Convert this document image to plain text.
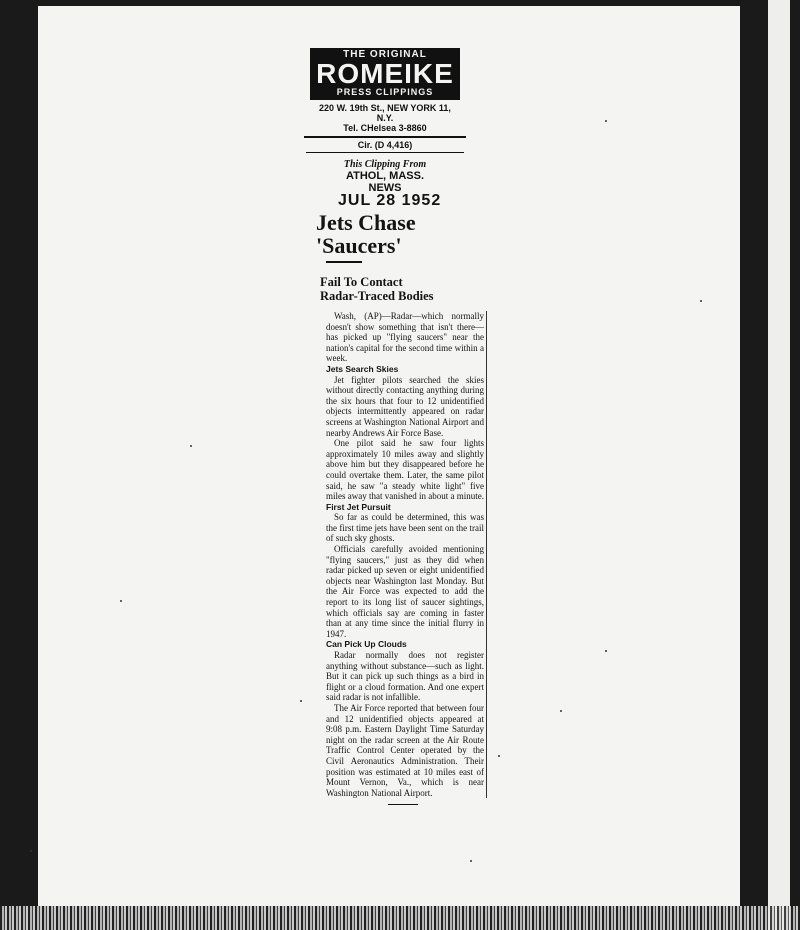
THE ORIGINAL
ROMEIKE
PRESS CLIPPINGS
220 W. 19th St., NEW YORK 11, N.Y.
Tel. CHelsea 3-8860
Cir. (D 4,416)
This Clipping From
ATHOL, MASS.
NEWS
JUL 28 1952
Jets Chase
'Saucers'
Fail To Contact
Radar-Traced Bodies

Wash, (AP)—Radar—which normally doesn't show something that isn't there—has picked up "flying saucers" near the nation's capital for the second time within a week.

Jets Search Skies

Jet fighter pilots searched the skies without directly contacting anything during the six hours that four to 12 unidentified objects intermittently appeared on radar screens at Washington National Airport and nearby Andrews Air Force Base.

One pilot said he saw four lights approximately 10 miles away and slightly above him but they disappeared before he could overtake them. Later, the same pilot said, he saw "a steady white light" five miles away that vanished in about a minute.

First Jet Pursuit

So far as could be determined, this was the first time jets have been sent on the trail of such sky ghosts.

Officials carefully avoided mentioning "flying saucers," just as they did when radar picked up seven or eight unidentified objects near Washington last Monday. But the Air Force was expected to add the report to its long list of saucer sightings, which officials say are coming in faster than at any time since the initial flurry in 1947.

Can Pick Up Clouds

Radar normally does not register anything without substance—such as light. But it can pick up such things as a bird in flight or a cloud formation. And one expert said radar is not infallible.

The Air Force reported that between four and 12 unidentified objects appeared at 9:08 p.m. Eastern Daylight Time Saturday night on the radar screen at the Air Route Traffic Control Center operated by the Civil Aeronautics Administration. Their position was estimated at 10 miles east of Mount Vernon, Va., which is near Washington National Airport.
